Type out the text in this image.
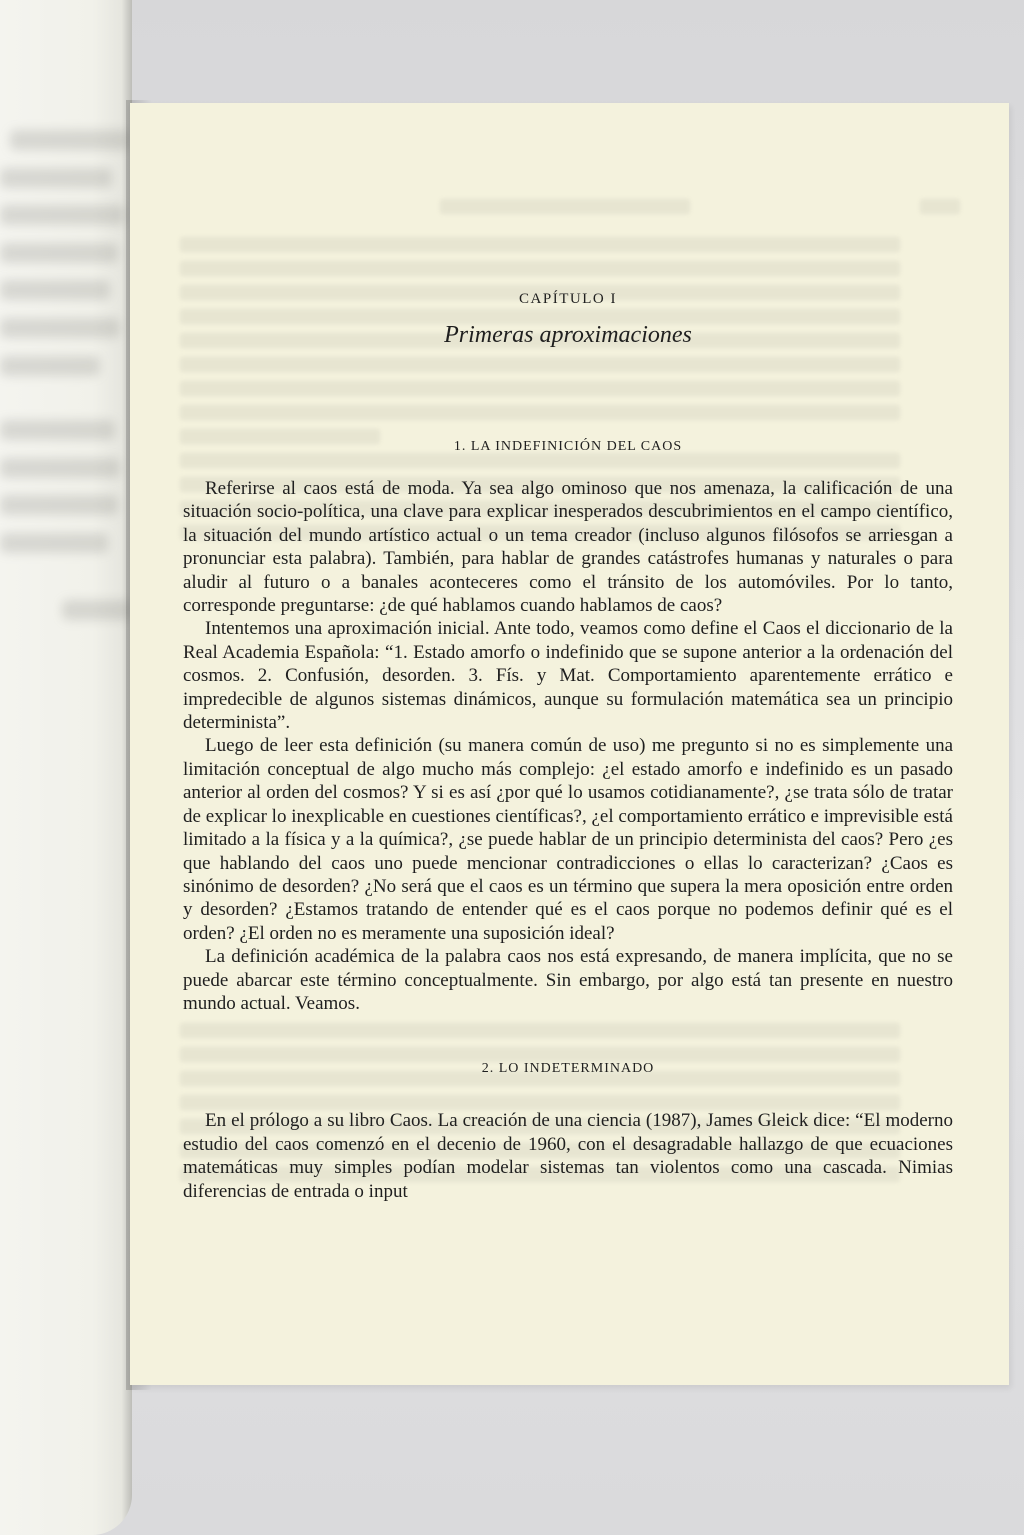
CAPÍTULO I
Primeras aproximaciones
1. LA INDEFINICIÓN DEL CAOS

Referirse al caos está de moda. Ya sea algo ominoso que nos amenaza, la calificación de una situación socio-política, una clave para explicar inesperados descubrimientos en el campo científico, la situación del mundo artístico actual o un tema creador (incluso algunos filósofos se arriesgan a pronunciar esta palabra). También, para hablar de grandes catástrofes humanas y naturales o para aludir al futuro o a banales aconteceres como el tránsito de los automóviles. Por lo tanto, corresponde preguntarse: ¿de qué hablamos cuando hablamos de caos?

Intentemos una aproximación inicial. Ante todo, veamos como define el Caos el diccionario de la Real Academia Española: “1. Estado amorfo o indefinido que se supone anterior a la ordenación del cosmos. 2. Confusión, desorden. 3. Fís. y Mat. Comportamiento aparentemente errático e impredecible de algunos sistemas dinámicos, aunque su formulación matemática sea un principio determinista”.

Luego de leer esta definición (su manera común de uso) me pregunto si no es simplemente una limitación conceptual de algo mucho más complejo: ¿el estado amorfo e indefinido es un pasado anterior al orden del cosmos? Y si es así ¿por qué lo usamos cotidianamente?, ¿se trata sólo de tratar de explicar lo inexplicable en cuestiones científicas?, ¿el comportamiento errático e imprevisible está limitado a la física y a la química?, ¿se puede hablar de un principio determinista del caos? Pero ¿es que hablando del caos uno puede mencionar contradicciones o ellas lo caracterizan? ¿Caos es sinónimo de desorden? ¿No será que el caos es un término que supera la mera oposición entre orden y desorden? ¿Estamos tratando de entender qué es el caos porque no podemos definir qué es el orden? ¿El orden no es meramente una suposición ideal?

La definición académica de la palabra caos nos está expresando, de manera implícita, que no se puede abarcar este término conceptualmente. Sin embargo, por algo está tan presente en nuestro mundo actual. Veamos.

2. LO INDETERMINADO

En el prólogo a su libro Caos. La creación de una ciencia (1987), James Gleick dice: “El moderno estudio del caos comenzó en el decenio de 1960, con el desagradable hallazgo de que ecuaciones matemáticas muy simples podían modelar sistemas tan violentos como una cascada. Nimias diferencias de entrada o input
